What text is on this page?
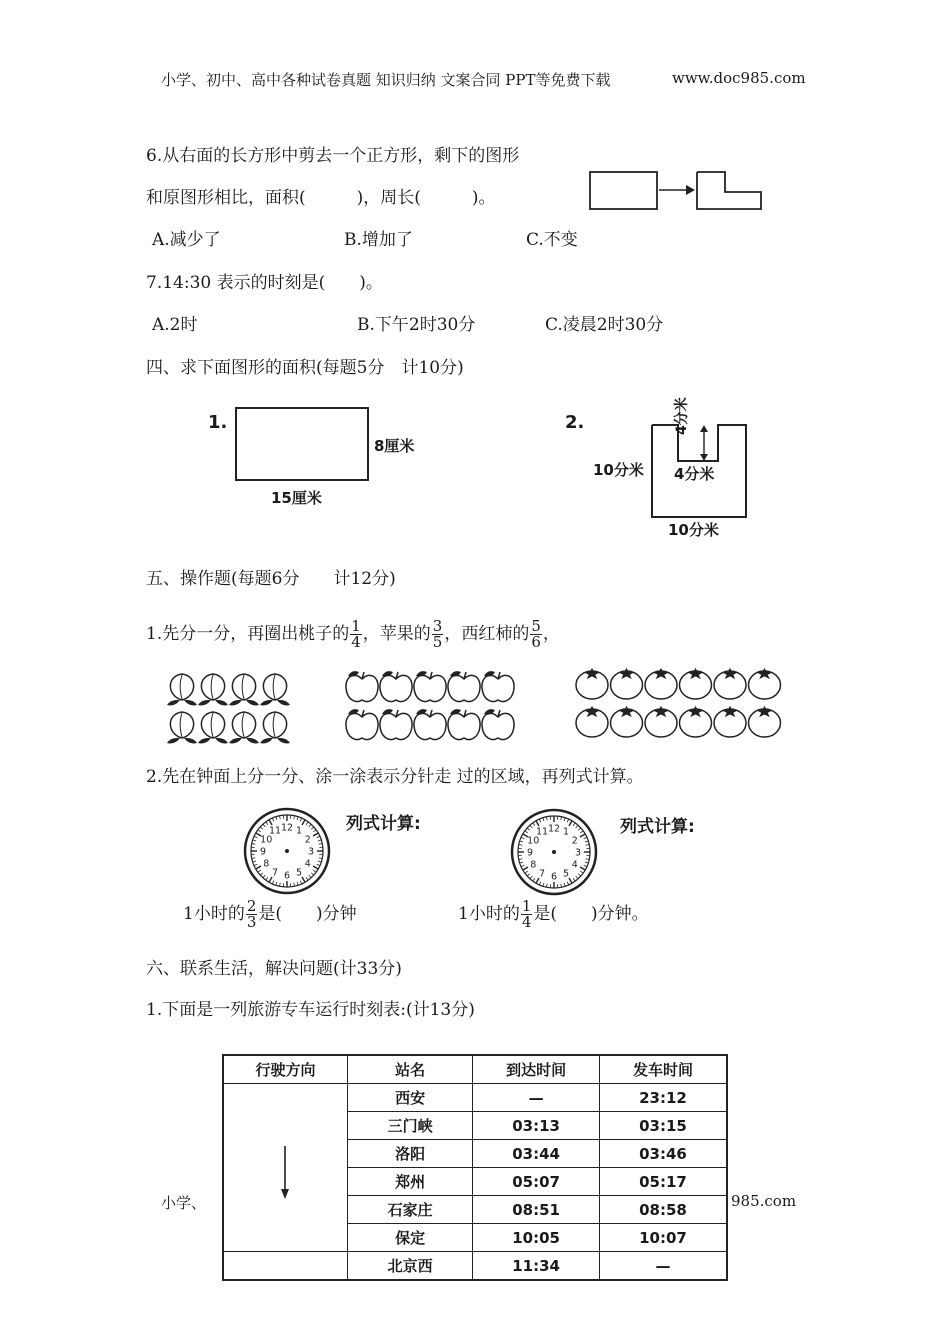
小学、初中、高中各种试卷真题 知识归纳 文案合同 PPT等免费下载	www.doc985.com
6.从右面的长方形中剪去一个正方形，剩下的图形
和原图形相比，面积(　　　)，周长(　　　)。
A.减少了	B.增加了	C.不变
7.14:30 表示的时刻是(　　)。
A.2时	B.下午2时30分	C.凌晨2时30分
四、求下面图形的面积(每题5分　计10分)
1.
8厘米
15厘米
2.	4分米
10分米 4分米
10分米
五、操作题(每题6分　　计12分)
1.先分一分，再圈出桃子的 $\frac{1}{4}$ ，苹果的 $\frac{3}{5}$ ，西红柿的 $\frac{5}{6}$ ，
2.先在钟面上分一分、涂一涂表示分针走 过的区域，再列式计算。
12 1
2
3
4
5
6
7
8
9
10
11	12 1
2
3
4
5
6
7
8
9
10
11
列式计算:	列式计算:
1小时的 $\frac{2}{3}$ 是(　　)分钟	1小时的 $\frac{1}{4}$ 是(　　)分钟。
六、联系生活，解决问题(计33分)
1.下面是一列旅游专车运行时刻表:(计13分)
小学、	985.com
行驶方向	站名	到达时间	发车时间
	西安	—	23:12
	三门峡	03:13	03:15
	洛阳	03:44	03:46
	郑州	05:07	05:17
	石家庄	08:51	08:58
	保定	10:05	10:07
	北京西	11:34	—
